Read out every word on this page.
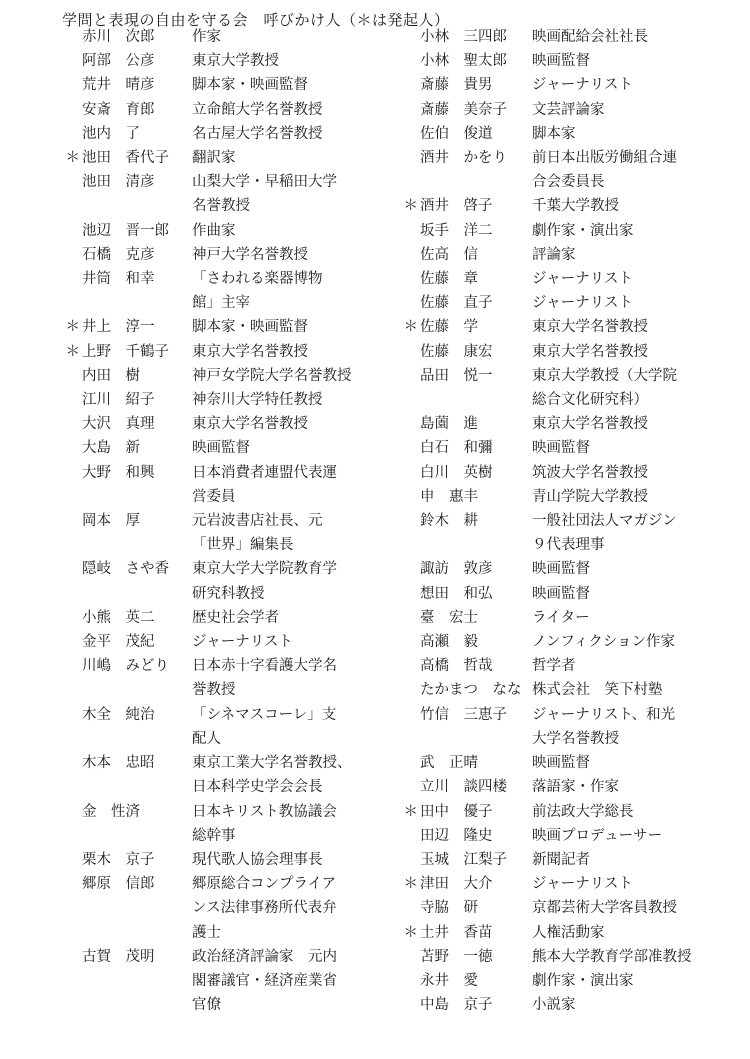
学問と表現の自由を守る会　呼びかけ人（＊は発起人）
赤川　次郎	作家
阿部　公彦	東京大学教授
荒井　晴彦	脚本家・映画監督
安斎　育郎	立命館大学名誉教授
池内　了	名古屋大学名誉教授
＊ 池田　香代子	翻訳家
池田　清彦	山梨大学・早稲田大学
名誉教授
池辺　晋一郎	作曲家
石橋　克彦	神戸大学名誉教授
井筒　和幸	「さわれる楽器博物
館」主宰
＊ 井上　淳一	脚本家・映画監督
＊ 上野　千鶴子	東京大学名誉教授
内田　樹	神戸女学院大学名誉教授
江川　紹子	神奈川大学特任教授
大沢　真理	東京大学名誉教授
大島　新	映画監督
大野　和興	日本消費者連盟代表運
営委員
岡本　厚	元岩波書店社長、元
「世界」編集長
隠岐　さや香	東京大学大学院教育学
研究科教授
小熊　英二	歴史社会学者
金平　茂紀	ジャーナリスト
川嶋　みどり	日本赤十字看護大学名
誉教授
木全　純治	「シネマスコーレ」支
配人
木本　忠昭	東京工業大学名誉教授、
日本科学史学会会長
金　性済	日本キリスト教協議会
総幹事
栗木　京子	現代歌人協会理事長
郷原　信郎	郷原総合コンプライア
ンス法律事務所代表弁
護士
古賀　茂明	政治経済評論家　元内
閣審議官・経済産業省
官僚
小林　三四郎	映画配給会社社長
小林　聖太郎	映画監督
斎藤　貴男	ジャーナリスト
斎藤　美奈子	文芸評論家
佐伯　俊道	脚本家
酒井　かをり	前日本出版労働組合連
合会委員長
＊ 酒井　啓子	千葉大学教授
坂手　洋二	劇作家・演出家
佐高　信	評論家
佐藤　章	ジャーナリスト
佐藤　直子	ジャーナリスト
＊ 佐藤　学	東京大学名誉教授
佐藤　康宏	東京大学名誉教授
品田　悦一	東京大学教授（大学院
総合文化研究科）
島薗　進	東京大学名誉教授
白石　和彌	映画監督
白川　英樹	筑波大学名誉教授
申　惠丰	青山学院大学教授
鈴木　耕	一般社団法人マガジン
９代表理事
諏訪　敦彦	映画監督
想田　和弘	映画監督
臺　宏士	ライター
高瀬　毅	ノンフィクション作家
高橋　哲哉	哲学者
たかまつ　なな 株式会社　笑下村塾
竹信　三恵子	ジャーナリスト、和光
大学名誉教授
武　正晴	映画監督
立川　談四楼	落語家・作家
＊ 田中　優子	前法政大学総長
田辺　隆史	映画プロデューサー
玉城　江梨子	新聞記者
＊ 津田　大介	ジャーナリスト
寺脇　研	京都芸術大学客員教授
＊ 土井　香苗	人権活動家
苫野　一徳	熊本大学教育学部准教授
永井　愛	劇作家・演出家
中島　京子	小説家
